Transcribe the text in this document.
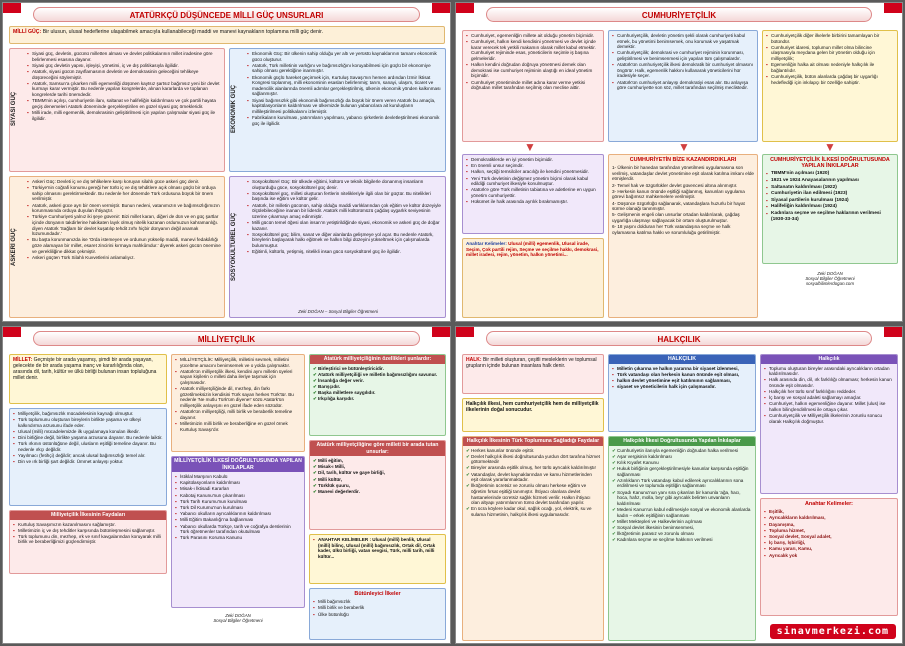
ATATÜRKÇÜ DÜŞÜNCEDE MİLLİ GÜÇ UNSURLARI
MİLLİ GÜÇ: Bir ulusun, ulusal hedeflerine ulaşabilmek amacıyla kullanabileceği maddi ve manevi kaynakların toplamına milli güç denir.
SİYASİ GÜÇ
▪ Siyasi güç, devletin, gücünü milletten alması ve devlet politikalarının millet iradesine göre belirlenmesi esasına dayanır.
▪ Siyasi güç devletin yapısı, işleyişi, yönetimi, iç ve dış politikasıyla ilgilidir.
▪ Atatürk, siyasi gücün zayıflamasının devletin ve demokrasinin geleceğini tehlikeye düşüreceğini söylemiştir.
▪ Atatürk, Samsun'a çıkarken milli egemenliği düşünen kaytsız şartsız bağımsız yeni bir devlet kurmayı karar vermiştir. Bu nedenle yapılan kongrelerde, alınan kararlarda ve toplanan kongrelerde tarihi önemdedir.
▪ TBMM'nin açılışı, cumhuriyetin ilanı, saltanat ve halifeliğin kaldırılması ve çok partili hayata geçiş denemeleri Atatürk döneminde gerçekleştirilen en güzel siyasi güç örnekleridir.
▪ Milli irade, milli egemenlik, demokrasinin gelişitirilmesi için yapılan çalışmalar siyasi güç ile ilgilidir.	EKONOMİK GÜÇ
▪ Ekonomik Güç: Bir ülkenin sahip olduğu yer altı ve yerüstü kaynaklarının tamamı ekonomik gücü oluşturur.
▪ Atatürk, Türk milletinin varlığını ve bağımsızlığını koruyabilmesi için güçlü bir ekonomiye sahip olması gerektiğine inanmıştır.
▪ Ekonomik güçlü hareket geçirmek için, Kurtuluş Savaşı'nın hemen ardından İzmir İktisat Kongresi toplanmış, milli ekonominin esasları belirlenmiş; tarım, sanayi, ulaşım, ticaret ve madencilik alanlarında önemli adımlar gerçekleştirilmiş, ülkenin ekonomik yönden kalkınması sağlanmıştır.
▪ Siyasi bağımsızlık gibi ekonomik bağımsızlığı da büyük bir önem veren Atatürk bu amaçla, kapitülasyonların kaldırılması ve ülkemizde bulunan yabancılara ait kuruluşların millileştirilmesi politikalarını izlemiştir.
▪ Fabrikaların kurulması, yatırımların yapılması, yabancı şirketlerin devletleştirilmesi ekonomik güç ile ilgilidir.
ASKERİ GÜÇ
▪ Askeri Güç: Devleti iç ve dış tehlikelere karşı koruyan silahlı güce askeri güç denir.
▪ Türkiye'nin coğrafi konumu gereği her türlü iç ve dış tehditlere açık olması güçlü bir orduya sahip olmasını gerektirmektedir. Bu nedenle her dönemde Türk ordusuna büyük bir önem verilmiştir.
▪ Atatürk, askeri güce ayrı bir önem vermiştir. Bunun nedeni, vatanımızın ve bağımsızlığımızın korunmasında orduya duyulan ihtiyaçtır.
▪ Türkiye Cumhuriyeti yalnız iki şeye güvenir: Bizi millet kararı, diğeri de dün ve en güç şartlar içinde dünyanın takdirlerine hakikaten layık olmuş nitelik kazanan ordumuzun kahramanlığı. diyen Atatürk 'Sağlam bir devlet kuşatılıp tehdit zırhı hiçbir dünyanın değil anamak lüzumundadır.'
▪ Bu başta korunmanızda ise 'Orda istemeyen ve ordunun yükselip maddi, manevi fedakârlığı göze alamayan bir millet, esaret zincirini kırmaya mahkûmdur.' diyerek askeri gücün önemine ve gerekliliğine dikkat çekmiştir.
▪ Askeri güçten Türk Silahlı Kuvvetlerini anlamalıyız.	SOSYOKÜLTÜREL GÜÇ
▪ Sosyokültürel Güç: Bir ülkede eğitimi, kültürü ve teknik bilgilerle donanmış insanların oluşturduğu güce, sosyokültürel güç denir.
▪ Sosyokültürel güç, milleti oluşturan fertlerin nitelikleriyle ilgili olan bir güçtür. Bu nitelikleri başında ise eğitim ve kültür gelir.
▪ Atatürk, bir milletin gücünün, sahip olduğu maddi varlıklarından çok eğitim ve kültür düzeyiyle ölçülebileceğine inanan bir liderdir. Atatürk milli kültürümüzü çağdaş uygarlık seviyesinin üzerine çıkarmayı amaç edinmiştir.
▪ Milli gücün temel öğesi olan insan'ın yetiştirildiğinde siyasi, ekonomik ve askeri güç de doğar kazanır.
▪ Sosyokültürel güç; bilim, sanat ve diğer alanlarda gelişmeye yol açar. Bu nedenle Atatürk, bireylerin başlayarak halkı eğitmek ve halkın bilgi düzeyini yükseltmek için çalışmalarda bulunmuştur.
▪ Eğitimli, kültürlü, yetişmiş, nitelikli insan gücü sosyokültürel güç ile ilgilidir.
Zeki DOĞAN – Sosyal Bilgiler Öğretmeni
CUMHURİYETÇİLİK
▪ Cumhuriyet, egemenliğin millete ait olduğu yönetim biçimidir.
▪ Cumhuriyet, halkın kendi kendisini yönetmesi ve devlet içinde karar verecek tek yetkili makamın olarak millet kabul etmektir. Cumhuriyet rejiminde esas, yöneticilerin seçimle iş başına gelmeleridir.
▪ Halkın kendini doğrudan doğruya yönetmesi demek olan demokrasi ise cumhuriyet rejiminin ulaştığı en ideal yönetim biçimidir.
▪ Cumhuriyet yönetiminde millet adına karar verme yetkisi doğrudan millet tarafından seçilmiş olan meclise aittir.
▪ Cumhuriyetçilik, devletin yönetim şekli olarak cumhuriyeti kabul etmek, bu yönetimi benimsemek, onu korumak ve yaşatmak demektir.
▪ Cumhuriyetçilik; demokrasi ve cumhuriyet rejiminin korunması, geliştirilmesi ve benimsenmesi için yapılan tüm çalışmalardır.
▪ Atatürk'ün cumhuriyetçilik ilkesi demokratik bir cumhuriyet olmasını öngörür. Halk, egemenlik hakkını kullanarak yöneticilerini hür iradesiyle seçer.
▪ Atatürk'ün cumhuriyet anlayışı demokratiyi esas alır. Bu anlayışa göre cumhuriyette son söz, millet tarafından seçilmiş meclistedir.
▪ Cumhuriyetçilik diğer ilkelerle birbirini tamamlayan bir bütündür.
▪ Cumhuriyet idaresi, toplumun millet olma bilincine ulaşmasıyla meydana gelen bir yönetim olduğu için milliyetçilik;
▪ Egemenliğin halka ait olması nedeniyle halkçılık ile bağlantılıdır.
▪ Cumhuriyetçilik, bütün alanlarda çağdaş bir uygarlığı hedeflediği için inkılapçı bir özelliğe sahiptir.
▼	▼	▼
▪ Demokratiklerde en iyi yönetim biçimidir.
▪ En önemli unsur seçimdir.
▪ Halkın, seçtiği temsilciler aracılığı ile kendini yönetmesidir.
▪ Yeni Türk devletinin değişmez yönetim biçimi olarak kabul edildiği cumhuriyet ilkesiyle konulmuştur.
▪ Atatürk'e göre Türk milletinin tabiatına ve adetlerine en uygun yönetim cumhuriyettir.
▪ Hükümet ile halk arasında ayrılık bırakmamıştır.
Anahtar Kelimeler: Ulusal (milli) egemenlik, Ulusal irade, Seçim, Çok partili rejim, Seçme ve seçilme hakkı, demokrasi, millet iradesi, rejim, yönetim, halkın yönetimi...
CUMHURİYETİN BİZE KAZANDIRDIKLARI
1- Ülkenin bir hanedan tarafından yönetilmesi uygulamasına son verilmiş, vatandaşlar devlet yönetimine eşit olarak katılma imkanı elde etmişlerdir.
2- Temel hak ve özgürlükler devlet güvencesi altına alınmıştır.
3- Herkesin kanun önünde eşitliği sağlanmış, kanunları uygulama görevi bağımsız mahkemelere verilmiştir.
4- Düşünce özgürlüğü sağlanarak, vatandaşlara huzurlu bir hayat sürme olanağı tanınmıştır.
5- Gelişmenin engeli olan unsurlar ortadan kaldırılarak, çağdaş uygarlığa ulaşmayı sağlayacak bir ortam oluşturulmuştur.
6- 18 yaşını dolduran her Türk vatandaşına seçme ve halk oylamasına katılma hakkı ve sorumluluğu getirilmiştir.
CUMHURİYETÇİLİK İLKESİ DOĞRULTUSUNDA YAPILAN İNKILAPLAR
▪ TBMM'nin açılması (1920)
▪ 1921 ve 1924 Anayasalarının yapılması
▪ Saltanatın kaldırılması (1922)
▪ Cumhuriyetin ilan edilmesi (1923)
▪ Siyasal partilerin kurulması (1924)
▪ Halifeliğin kaldırılması (1924)
▪ Kadınlara seçme ve seçilme haklarının verilmesi (1930-33-34)
Zeki DOĞAN
Sosyal Bilgiler Öğretmeni
sosyalbilimlerdogan.com
MİLLİYETÇİLİK
MİLLET: Geçmişte bir arada yaşamış, şimdi bir arada yaşayan, gelecekte de bir arada yaşama inanç ve kararlılığında olan, arasında dil, tarih, kültür ve ülkü birliği bulunan insan topluluğuna millet denir.
▪ Milliyetçilik, bağımsızlık mücadelesinin kaynağı olmuştur.
▪ Türk toplumunu oluşturan bireylerin birlikte yaşama ve ülkeyi kalkındırma arzusunu ifade eder.
▪ Ulusal (milli) mücadelemizde ilk uygulamaya konulan ilkedir.
▪ Dini birliğine değil, birlikte yaşama arzusuna dayanır. Bu nedenle laiktir.
▪ Türk ırkının üstünlüğüne değil, ulusların eşitliği temeline dayanır. Bu nedenle ırkçı değildir.
▪ Yayılmacı (fetihçi) değildir; ancak ulusal bağımsızlığı temel alır.
▪ Din ve ırk birliği şart değildir. Ümmet anlayışı yoktur.
Milliyetçilik İlkesinin Faydaları
▪ Kurtuluş Savaşımızın kazanılmasını sağlamıştır.
▪ Milletimizin iç ve dış tehditler karşısında bütünleşmesini sağlamıştır.
▪ Türk toplumunu din, mezhep, ırk ve sınıf kavgalarından koruyarak milli birlik ve beraberliğimizi güçlendirmiştir.
▪ MİLLİYETÇİLİK: Milliyetçilik, milletini sevmek, milletini yüceltme amacını benimsemek ve o yolda çalışmaktır.
▪ Atatürk'ün milliyetçilik ilkesi, kendini aynı milletin üyeleri sayan kişilerin o milleti daha ileriye taşımak için çalışmasıdır.
▪ Atatürk milliyetçiliğinde dil, mezhep, din farkı gözetilmeksizin kendisini Türk sayan herkes Türk'tür. Bu nedenle 'Ne mutlu Türk'üm diyene!' sözü Atatürk'ün milliyetçilik anlayışını en güzel ifade eden sözüdür.
▪ Atatürk'ün milliyetçiliği, milli birlik ve beraberlik temeline dayanır.
▪ Milletimizin milli birlik ve beraberliğine en güzel örnek Kurtuluş Savaşı'dır.
MİLLİYETÇİLİK İLKESİ DOĞRULTUSUNDA YAPILAN İNKILAPLAR
▪ İstiklal Marşının Kabulü
▪ Kapitülasyonların kaldırılması
▪ Misak-ı İktisadi Kararları
▪ Kabotaj Kanunu'nun çıkarılması
▪ Türk Tarih Kurumu'nun kurulması
▪ Türk Dil Kurumu'nun kurulması
▪ Yabancı okulların ayrıcalıklarının kaldırılması
▪ Milli Eğitim Bakanlığı'na bağlanması
▪ Yabancı okullarda Türkçe, tarih ve coğrafya derslerinin Türk öğretmenler tarafından okutulması
▪ Türk Parasını Koruma Kanunu
Zeki DOĞAN
Sosyal Bilgiler Öğretmeni
Atatürk milliyetçiliğinin özellikleri şunlardır:
✔ Birleştirici ve bütünleştiricidir.
✔ Atatürk milliyetçiliği ve milletin bağımsızlığını savunur.
✔ İnsanlığa değer verir.
✔ Barışçıdır.
✔ Başka milletlere saygılıdır.
✔ Irkçılığa karşıdır.
Atatürk milliyetçiliğine göre milleti bir arada tutan unsurlar:
✔ Milli eğitim,
✔ Misak-ı Milli,
✔ Dil, tarih, kültür ve gaye birliği,
✔ Milli kültür,
✔ Türklük şuuru,
✔ Manevi değerlerdir.
▪ ANAHTAR KELİMELER : Ulusal (milli) benlik, Ulusal (milli) bilinç, Ulusal (milli) bağımsızlık, Ortak dil, Ortak kader, ülkü birliği, vatan sevgisi, Türk, milli tarih, milli kültür...
Bütünleyici İlkeler
▪ Milli bağımsızlık
▪ Milli birlik ve beraberlik
▪ Ülke bütünlüğü
HALKÇILIK
HALK: Bir milleti oluşturan, çeşitli mesleklerin ve toplumsal grupların içinde bulunan insanlara halk denir.
Halkçılık ilkesi, hem cumhuriyetçilik hem de milliyetçilik ilkelerinin doğal sonucudur.
Halkçılık İlkesinin Türk Toplumuna Sağladığı Faydalar
✔ Herkes kanunlar önünde eşittir.
✔ Devlet halkçılık ilkesi doğrultusunda yurdun dört tarafına hizmet götürmektedir
✔ Bireyler arasında eşitlik olmuş, her türlü ayrıcalık kaldırılmıştır
✔ Vatandaşlar, devlet kaynaklarından ve kamu hizmetlerinden eşit olarak yararlanmaktadır.
✔ İlköğretimin ücretsiz ve zorunlu olması herkese eğitim ve öğretim fırsat eşitliği tanımıştır. İhtiyacı olanlara devlet hastanelerinde ücretsiz sağlık hizmeti verilir. Halkın ihtiyacı olan altyapı yatırımlarının tümü devlet tarafından yapılır.
✔ En ücra köylere kadar okul, sağlık ocağı, yol, elektrik, su ve sulama hizmetinin, halkçılık ilkesi uygulamasıdır.
HALKÇILIK
▪ Milletin çıkarına ve halkın yararına bir siyaset izlenmesi,
▪ Türk vatandaşı olan herkesin kanun önünde eşit olması,
▪ halkın devlet yönetimine eşit katılımının sağlanması,
▪ siyaset ve yöneticilerin halk için çalışmasıdır.
Halkçılık İlkesi Doğrultusunda Yapılan İnkılaplar
✔ Cumhuriyetin ilanıyla egemenliğin doğrudan halka verilmesi
✔ Aşar vergisinin kaldırılması
✔ Kılık Kıyafet Kanunu
✔ Hukuk birliğinin gerçekleştirilmesiyle kanunlar karşısında eşitliğin sağlanması
✔ Azınlıkların Türk vatandaşı kabul edilerek ayrıcalıklarının sona erdirilmesi ve toplumda eşitliğin sağlanması
✔ Soyadı Kanunu'nun yanı sıra çıkarılan bir kanunla 'ağa, hacı, hoca, hafız, molla, bey' gibi ayrıcalık belirten unvanların kaldırılması
✔ Medeni Kanun'un kabul edilmesiyle sosyal ve ekonomik alanlarda kadın – erkek eşitliğinin sağlanması
✔ Millet Mektepleri ve Halkevlerinin açılması
✔ Sosyal devlet ilkesinin benimsenmesi,
✔ İlköğretimin parasız ve zorunlu olması
✔ Kadınlara seçme ve seçilme hakkının verilmesi
Halkçılık
▪ Toplumu oluşturan bireyler arasındaki ayrıcalıkların ortadan kaldırılmasıdır.
▪ Halk arasında din, dil, ırk farklılığı olmaması; herkesin kanun önünde eşit olmasıdır.
▪ Halkçılık her türlü sınıf farklılığını reddeder.
▪ İç barışı ve sosyal adaleti sağlamayı amaçlar.
▪ Cumhuriyet, halkın egemenliğine dayanır. Millet (ulus) ise halkın bilinçlendirilmesi ile ortaya çıkar.
▪ Cumhuriyetçilik ve Milliyetçilik ilkelerinin zorunlu sonucu olarak Halkçılık doğmuştur.
Anahtar Kelimeler:
▪ Eşitlik,
▪ Ayrıcalıkların kaldırılması,
▪ Dayanışma,
▪ Topluma hizmet,
▪ Sosyal devlet, Sosyal adalet,
▪ İç barış, İşbirliği,
▪ Kamu yararı, Kamu,
▪ Ayrıcalık yok
sinavmerkezi.com
